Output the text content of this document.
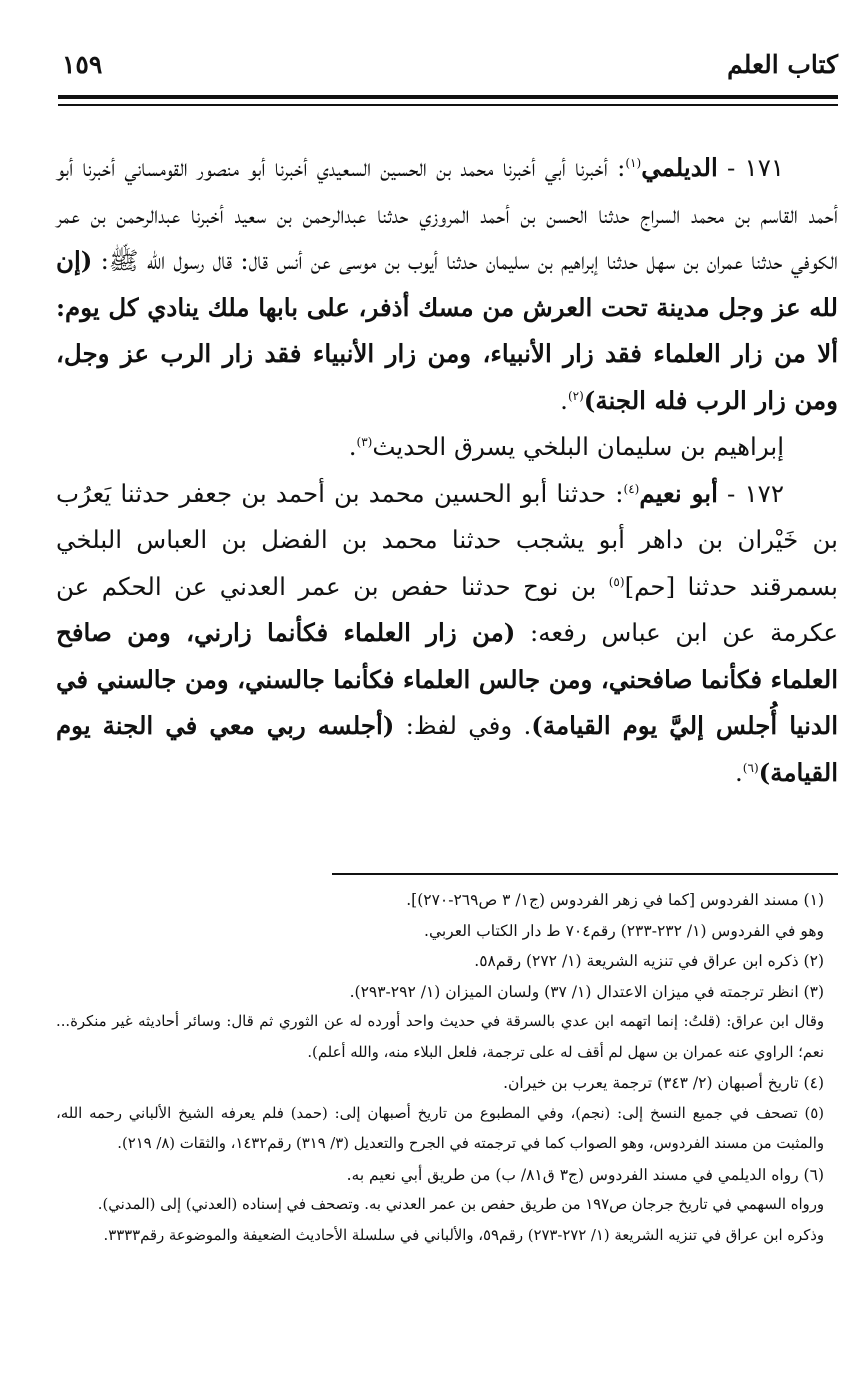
كتاب العلم
١٥٩

١٧١ - الديلمي$^{(١)}$: أخبرنا أبي أخبرنا محمد بن الحسين السعيدي أخبرنا أبو منصور القومساني أخبرنا أبو أحمد القاسم بن محمد السراج حدثنا الحسن بن أحمد المروزي حدثنا عبدالرحمن بن سعيد أخبرنا عبدالرحمن بن عمر الكوفي حدثنا عمران بن سهل حدثنا إبراهيم بن سليمان حدثنا أيوب بن موسى عن أنس قال: قال رسول الله ﷺ: (إن لله عز وجل مدينة تحت العرش من مسك أذفر، على بابها ملك ينادي كل يوم: ألا من زار العلماء فقد زار الأنبياء، ومن زار الأنبياء فقد زار الرب عز وجل، ومن زار الرب فله الجنة)$^{(٢)}$.

إبراهيم بن سليمان البلخي يسرق الحديث$^{(٣)}$.

١٧٢ - أبو نعيم$^{(٤)}$: حدثنا أبو الحسين محمد بن أحمد بن جعفر حدثنا يَعرُب بن خَيْران بن داهر أبو يشجب حدثنا محمد بن الفضل بن العباس البلخي بسمرقند حدثنا [حم]$^{(٥)}$ بن نوح حدثنا حفص بن عمر العدني عن الحكم عن عكرمة عن ابن عباس رفعه: (من زار العلماء فكأنما زارني، ومن صافح العلماء فكأنما صافحني، ومن جالس العلماء فكأنما جالسني، ومن جالسني في الدنيا أُجلس إليَّ يوم القيامة). وفي لفظ: (أجلسه ربي معي في الجنة يوم القيامة)$^{(٦)}$.

(١) مسند الفردوس [كما في زهر الفردوس (ج١/ ٣ ص٢٦٩-٢٧٠)].

وهو في الفردوس (١/ ٢٣٢-٢٣٣) رقم٧٠٤ ط دار الكتاب العربي.

(٢) ذكره ابن عراق في تنزيه الشريعة (١/ ٢٧٢) رقم٥٨.

(٣) انظر ترجمته في ميزان الاعتدال (١/ ٣٧) ولسان الميزان (١/ ٢٩٢-٢٩٣).

وقال ابن عراق: (قلتُ: إنما اتهمه ابن عدي بالسرقة في حديث واحد أورده له عن الثوري ثم قال: وسائر أحاديثه غير منكرة... نعم؛ الراوي عنه عمران بن سهل لم أقف له على ترجمة، فلعل البلاء منه، والله أعلم).

(٤) تاريخ أصبهان (٢/ ٣٤٣) ترجمة يعرب بن خيران.

(٥) تصحف في جميع النسخ إلى: (نجم)، وفي المطبوع من تاريخ أصبهان إلى: (حمد) فلم يعرفه الشيخ الألباني رحمه الله، والمثبت من مسند الفردوس، وهو الصواب كما في ترجمته في الجرح والتعديل (٣/ ٣١٩) رقم١٤٣٢، والثقات (٨/ ٢١٩).

(٦) رواه الديلمي في مسند الفردوس (ج٣ ق٨١/ ب) من طريق أبي نعيم به.

ورواه السهمي في تاريخ جرجان ص١٩٧ من طريق حفص بن عمر العدني به. وتصحف في إسناده (العدني) إلى (المدني).

وذكره ابن عراق في تنزيه الشريعة (١/ ٢٧٢-٢٧٣) رقم٥٩، والألباني في سلسلة الأحاديث الضعيفة والموضوعة رقم٣٣٣٣.
